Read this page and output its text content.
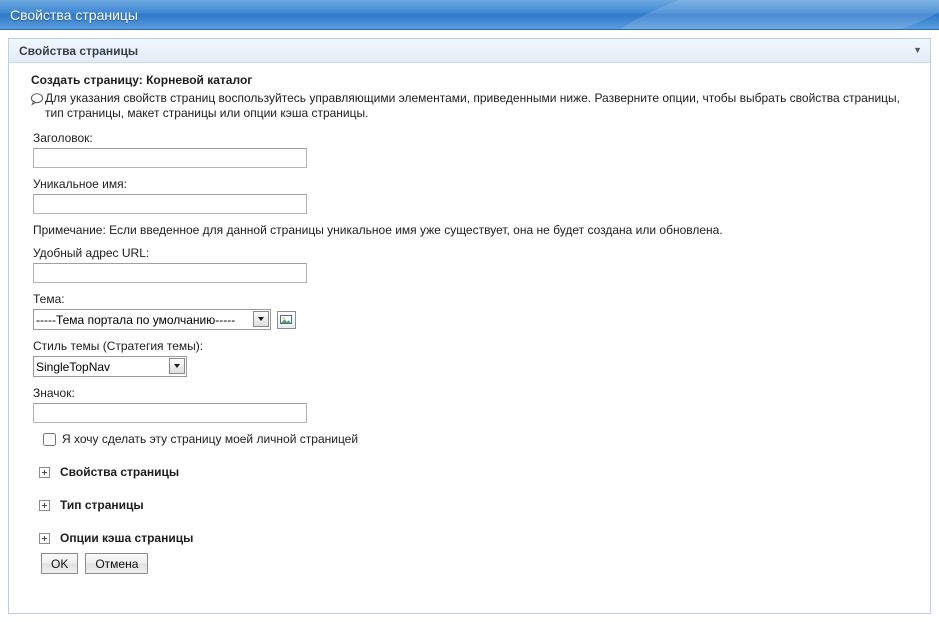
Свойства страницы
Свойства страницы	▼
Создать страницу: Корневой каталог
Для указания свойств страниц воспользуйтесь управляющими элементами, приведенными ниже. Разверните опции, чтобы выбрать свойства страницы, тип страницы, макет страницы или опции кэша страницы.
Заголовок:
Уникальное имя:
Примечание: Если введенное для данной страницы уникальное имя уже существует, она не будет создана или обновлена.
Удобный адрес URL:
Тема:
-----Тема портала по умолчанию-----
Стиль темы (Стратегия темы):
SingleTopNav
Значок:
Я хочу сделать эту страницу моей личной страницей
Свойства страницы
Тип страницы
Опции кэша страницы
OK	Отмена
